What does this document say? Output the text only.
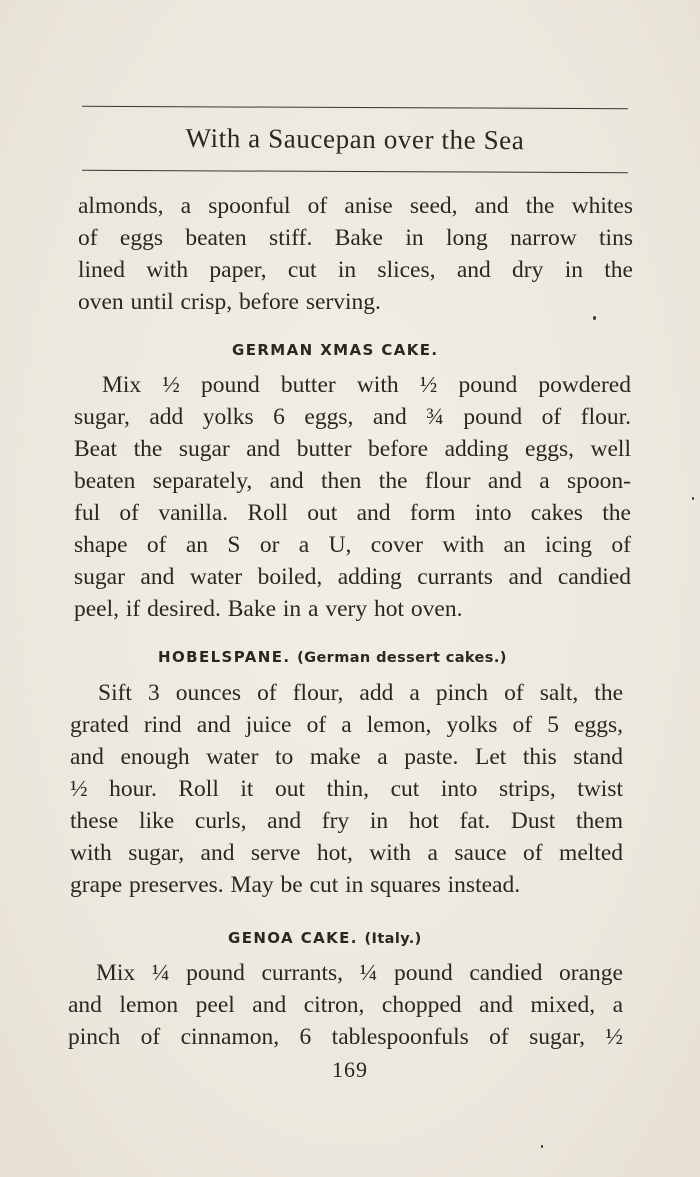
With a Saucepan over the Sea
almonds, a spoonful of anise seed, and the whites
of eggs beaten stiff. Bake in long narrow tins
lined with paper, cut in slices, and dry in the
oven until crisp, before serving.
GERMAN XMAS CAKE.
Mix ½ pound butter with ½ pound powdered
sugar, add yolks 6 eggs, and ¾ pound of flour.
Beat the sugar and butter before adding eggs, well
beaten separately, and then the flour and a spoon-
ful of vanilla. Roll out and form into cakes the
shape of an S or a U, cover with an icing of
sugar and water boiled, adding currants and candied
peel, if desired. Bake in a very hot oven.
HOBELSPANE. (German dessert cakes.)
Sift 3 ounces of flour, add a pinch of salt, the
grated rind and juice of a lemon, yolks of 5 eggs,
and enough water to make a paste. Let this stand
½ hour. Roll it out thin, cut into strips, twist
these like curls, and fry in hot fat. Dust them
with sugar, and serve hot, with a sauce of melted
grape preserves. May be cut in squares instead.
GENOA CAKE. (Italy.)
Mix ¼ pound currants, ¼ pound candied orange
and lemon peel and citron, chopped and mixed, a
pinch of cinnamon, 6 tablespoonfuls of sugar, ½
169
